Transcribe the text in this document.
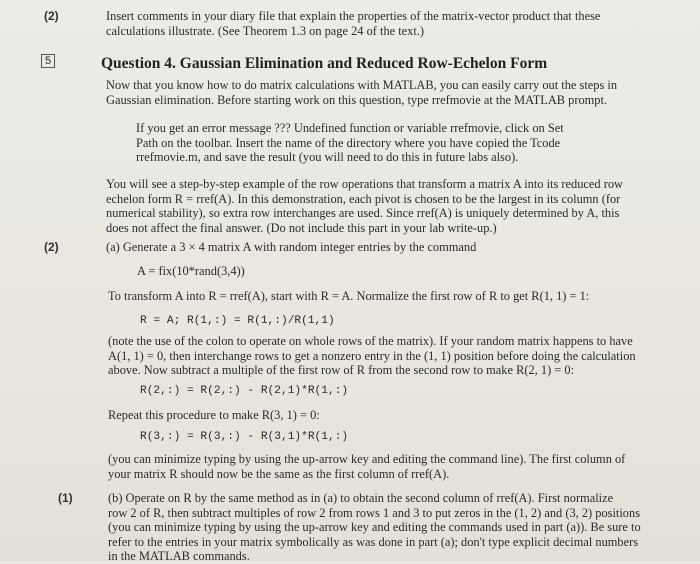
(2)	Insert comments in your diary file that explain the properties of the matrix-vector product that these
calculations illustrate. (See Theorem 1.3 on page 24 of the text.)
5	Question 4. Gaussian Elimination and Reduced Row-Echelon Form
Now that you know how to do matrix calculations with MATLAB, you can easily carry out the steps in
Gaussian elimination. Before starting work on this question, type rrefmovie at the MATLAB prompt.
If you get an error message ??? Undefined function or variable rrefmovie, click on Set
Path on the toolbar. Insert the name of the directory where you have copied the Tcode
rrefmovie.m, and save the result (you will need to do this in future labs also).
You will see a step-by-step example of the row operations that transform a matrix A into its reduced row
echelon form R = rref(A). In this demonstration, each pivot is chosen to be the largest in its column (for
numerical stability), so extra row interchanges are used. Since rref(A) is uniquely determined by A, this
does not affect the final answer. (Do not include this part in your lab write-up.)
(2)	(a) Generate a 3 × 4 matrix A with random integer entries by the command
A = fix(10*rand(3,4))
To transform A into R = rref(A), start with R = A. Normalize the first row of R to get R(1, 1) = 1:
R = A; R(1,:) = R(1,:)/R(1,1)
(note the use of the colon to operate on whole rows of the matrix). If your random matrix happens to have
A(1, 1) = 0, then interchange rows to get a nonzero entry in the (1, 1) position before doing the calculation
above. Now subtract a multiple of the first row of R from the second row to make R(2, 1) = 0:
R(2,:) = R(2,:) - R(2,1)*R(1,:)
Repeat this procedure to make R(3, 1) = 0:
R(3,:) = R(3,:) - R(3,1)*R(1,:)
(you can minimize typing by using the up-arrow key and editing the command line). The first column of
your matrix R should now be the same as the first column of rref(A).
(1)	(b) Operate on R by the same method as in (a) to obtain the second column of rref(A). First normalize
row 2 of R, then subtract multiples of row 2 from rows 1 and 3 to put zeros in the (1, 2) and (3, 2) positions
(you can minimize typing by using the up-arrow key and editing the commands used in part (a)). Be sure to
refer to the entries in your matrix symbolically as was done in part (a); don't type explicit decimal numbers
in the MATLAB commands.
